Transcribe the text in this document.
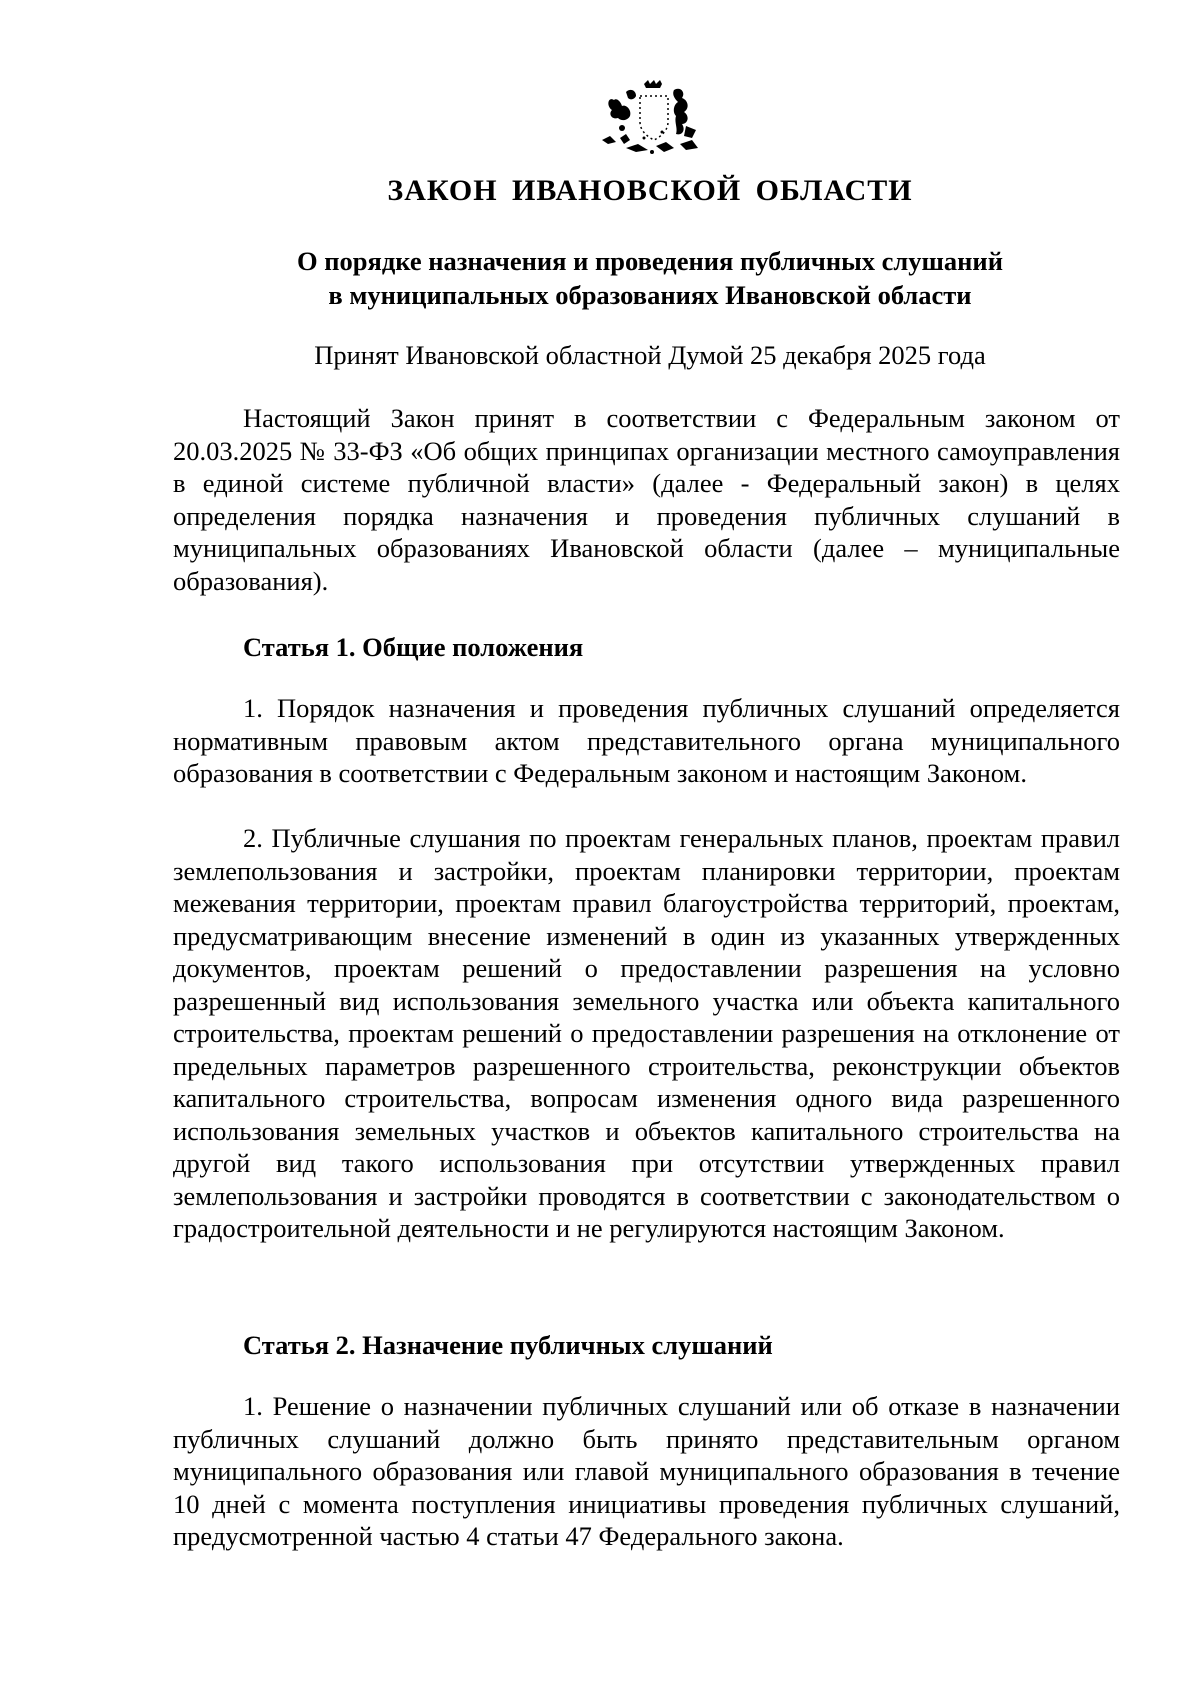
ЗАКОН ИВАНОВСКОЙ ОБЛАСТИ
О порядке назначения и проведения публичных слушаний
в муниципальных образованиях Ивановской области

Принят Ивановской областной Думой 25 декабря 2025 года

Настоящий Закон принят в соответствии с Федеральным законом от 20.03.2025 № 33-ФЗ «Об общих принципах организации местного самоуправления в единой системе публичной власти» (далее - Федеральный закон) в целях определения порядка назначения и проведения публичных слушаний в муниципальных образованиях Ивановской области (далее – муниципальные образования).

Статья 1. Общие положения

1. Порядок назначения и проведения публичных слушаний определяется нормативным правовым актом представительного органа муниципального образования в соответствии с Федеральным законом и настоящим Законом.

2. Публичные слушания по проектам генеральных планов, проектам правил землепользования и застройки, проектам планировки территории, проектам межевания территории, проектам правил благоустройства территорий, проектам, предусматривающим внесение изменений в один из указанных утвержденных документов, проектам решений о предоставлении разрешения на условно разрешенный вид использования земельного участка или объекта капитального строительства, проектам решений о предоставлении разрешения на отклонение от предельных параметров разрешенного строительства, реконструкции объектов капитального строительства, вопросам изменения одного вида разрешенного использования земельных участков и объектов капитального строительства на другой вид такого использования при отсутствии утвержденных правил землепользования и застройки проводятся в соответствии с законодательством о градостроительной деятельности и не регулируются настоящим Законом.

Статья 2. Назначение публичных слушаний

1. Решение о назначении публичных слушаний или об отказе в назначении публичных слушаний должно быть принято представительным органом муниципального образования или главой муниципального образования в течение 10 дней с момента поступления инициативы проведения публичных слушаний, предусмотренной частью 4 статьи 47 Федерального закона.
